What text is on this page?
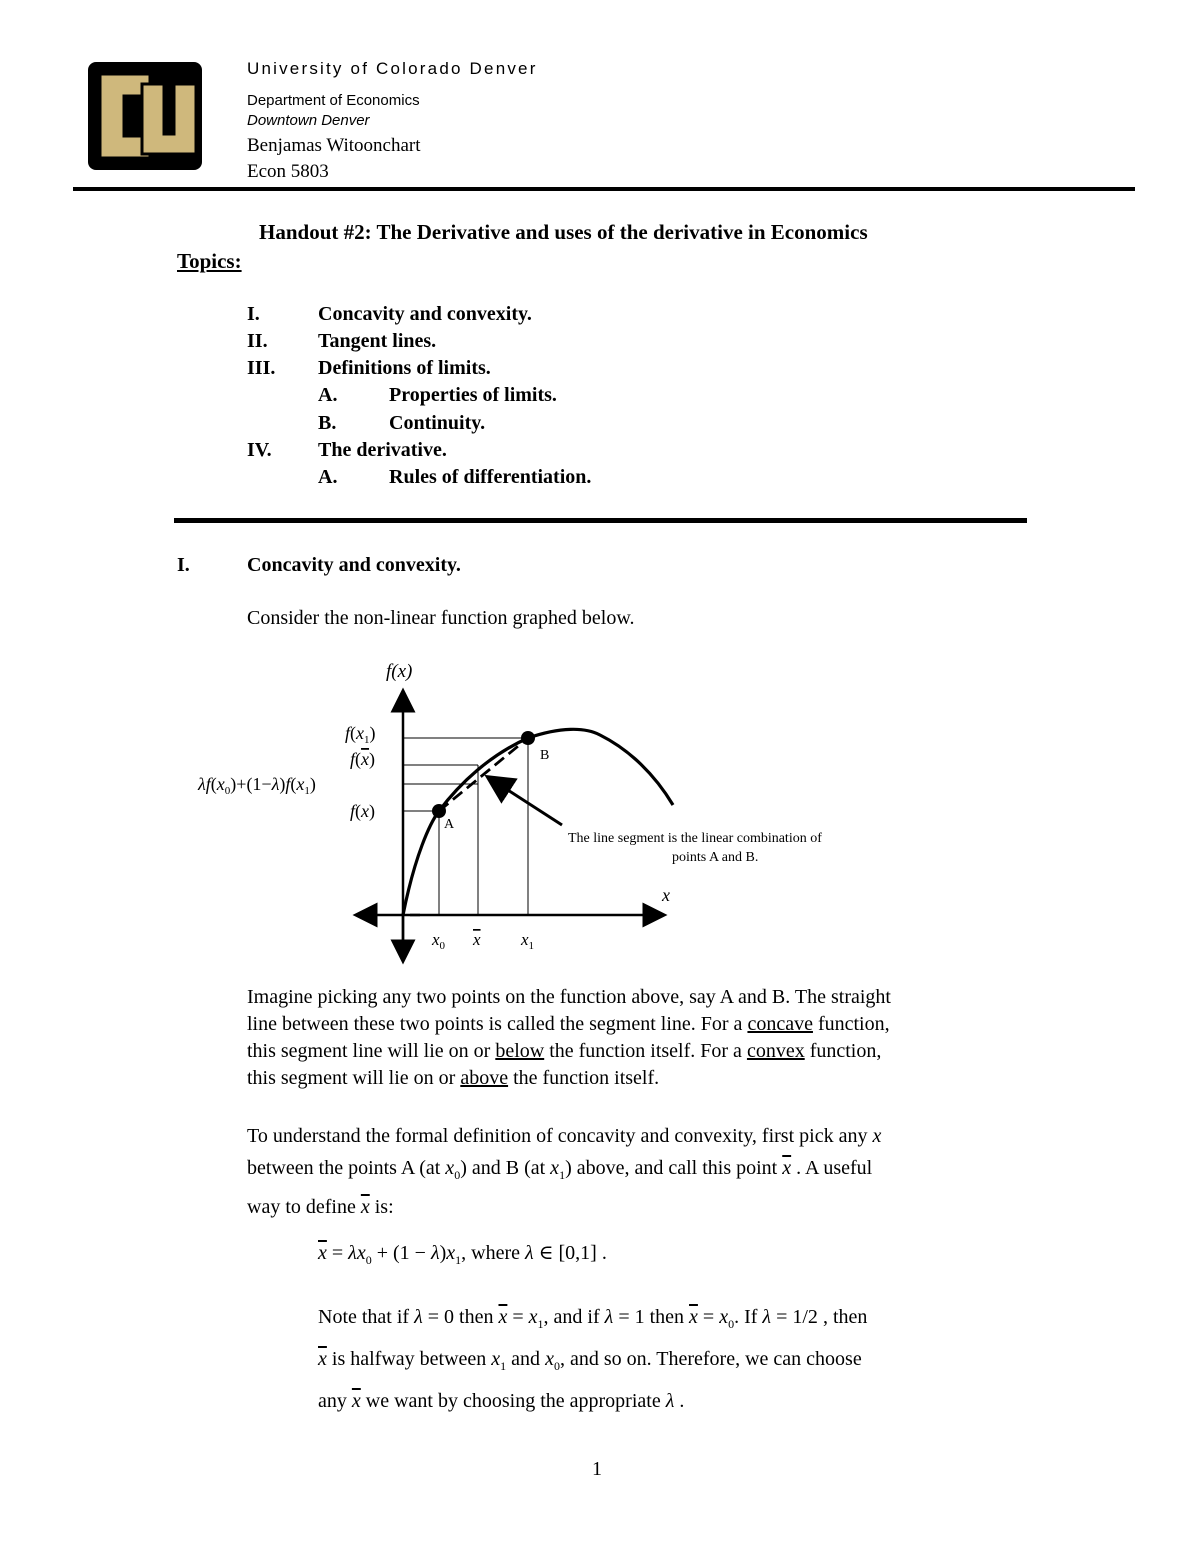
University of Colorado Denver
Department of Economics
Downtown Denver
Benjamas Witoonchart
Econ 5803
Handout #2: The Derivative and uses of the derivative in Economics
Topics:
I.	Concavity and convexity.
II.	Tangent lines.
III. Definitions of limits.
A.	Properties of limits.
B.	Continuity.
IV. The derivative.
A.	Rules of differentiation.
I.	Concavity and convexity.
Consider the non-linear function graphed below.
A
B
The line segment is the linear combination of
points A and B.
f(x)
x
$f(x_1)$
f(x)
$\lambda f(x_0)+(1-\lambda)f(x_1)$
f(x)
$x_0$ x $x_1$
Imagine picking any two points on the function above, say A and B. The straight
line between these two points is called the segment line. For a concave function,
this segment line will lie on or below the function itself. For a convex function,
this segment will lie on or above the function itself.
To understand the formal definition of concavity and convexity, first pick any x
between the points A (at $x_0$) and B (at $x_1$) above, and call this point $\overline{x}$ . A useful
way to define $\overline{x}$ is:
$\overline{x} = \lambda x_0 + (1 - \lambda)x_1$, where λ ∈ [0,1] .
Note that if λ = 0 then $\overline{x} = x_1$, and if λ = 1 then $\overline{x} = x_0$. If λ = 1/2 , then
$\overline{x}$ is halfway between $x_1$ and $x_0$, and so on. Therefore, we can choose
any $\overline{x}$ we want by choosing the appropriate λ .
1
